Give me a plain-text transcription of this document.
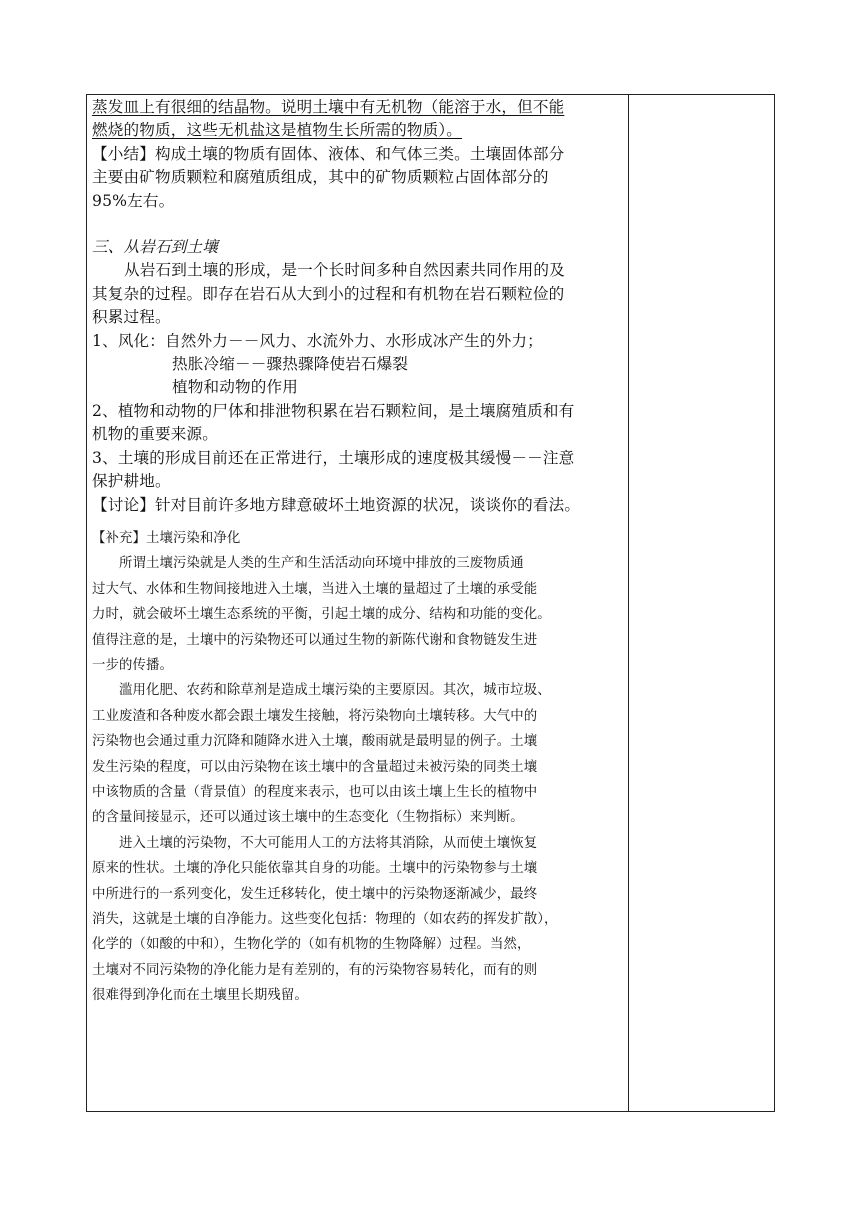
蒸发皿上有很细的结晶物。说明土壤中有无机物（能溶于水，但不能
燃烧的物质，这些无机盐这是植物生长所需的物质）。
【小结】构成土壤的物质有固体、液体、和气体三类。土壤固体部分
主要由矿物质颗粒和腐殖质组成，其中的矿物质颗粒占固体部分的
95%左右。
三、从岩石到土壤
从岩石到土壤的形成，是一个长时间多种自然因素共同作用的及
其复杂的过程。即存在岩石从大到小的过程和有机物在岩石颗粒俭的
积累过程。
1、风化：自然外力－－风力、水流外力、水形成冰产生的外力；
热胀冷缩－－骤热骤降使岩石爆裂
植物和动物的作用
2、植物和动物的尸体和排泄物积累在岩石颗粒间，是土壤腐殖质和有
机物的重要来源。
3、土壤的形成目前还在正常进行，土壤形成的速度极其缓慢－－注意
保护耕地。
【讨论】针对目前许多地方肆意破坏土地资源的状况，谈谈你的看法。
【补充】土壤污染和净化
所谓土壤污染就是人类的生产和生活活动向环境中排放的三废物质通
过大气、水体和生物间接地进入土壤，当进入土壤的量超过了土壤的承受能
力时，就会破坏土壤生态系统的平衡，引起土壤的成分、结构和功能的变化。
值得注意的是，土壤中的污染物还可以通过生物的新陈代谢和食物链发生进
一步的传播。
滥用化肥、农药和除草剂是造成土壤污染的主要原因。其次，城市垃圾、
工业废渣和各种废水都会跟土壤发生接触，将污染物向土壤转移。大气中的
污染物也会通过重力沉降和随降水进入土壤，酸雨就是最明显的例子。土壤
发生污染的程度，可以由污染物在该土壤中的含量超过未被污染的同类土壤
中该物质的含量（背景值）的程度来表示，也可以由该土壤上生长的植物中
的含量间接显示，还可以通过该土壤中的生态变化（生物指标）来判断。
进入土壤的污染物，不大可能用人工的方法将其消除，从而使土壤恢复
原来的性状。土壤的净化只能依靠其自身的功能。土壤中的污染物参与土壤
中所进行的一系列变化，发生迁移转化，使土壤中的污染物逐渐减少，最终
消失，这就是土壤的自净能力。这些变化包括：物理的（如农药的挥发扩散），
化学的（如酸的中和），生物化学的（如有机物的生物降解）过程。当然，
土壤对不同污染物的净化能力是有差别的，有的污染物容易转化，而有的则
很难得到净化而在土壤里长期残留。
